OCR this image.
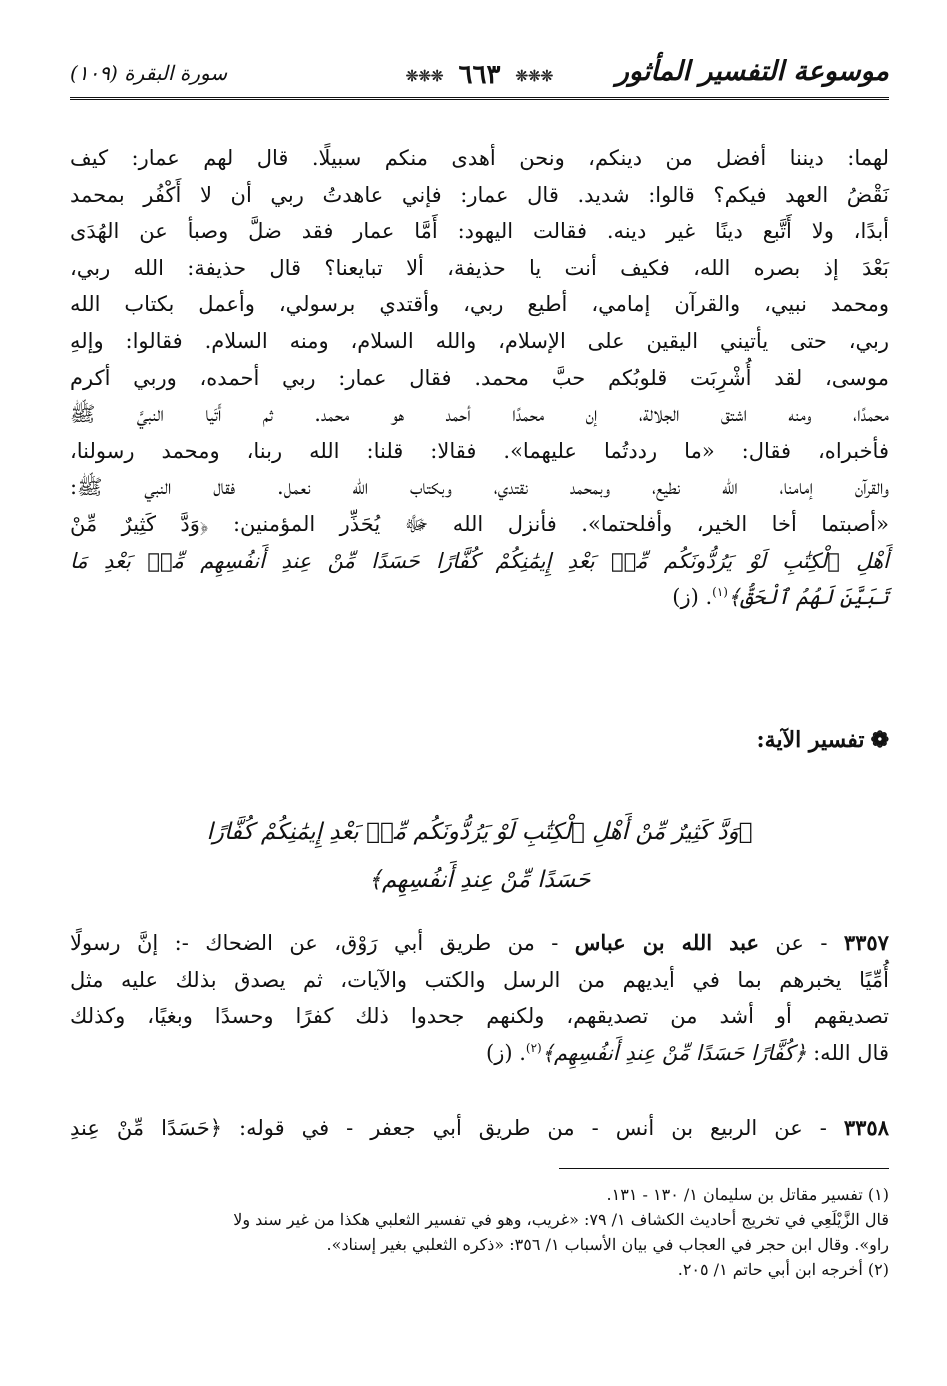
موسوعة التفسير المأثور
❊❊❊ ٦٦٣ ❊❊❊
سورة البقرة (١٠٩)
لهما: ديننا أفضل من دينكم، ونحن أهدى منكم سبيلًا. قال لهم عمار: كيف
نَقْضُ العهد فيكم؟ قالوا: شديد. قال عمار: فإني عاهدتُ ربي أن لا أَكْفُر بمحمد
أبدًا، ولا أَتَّبع دينًا غير دينه. فقالت اليهود: أَمَّا عمار فقد ضلَّ وصبأ عن الهُدَى
بَعْدَ إذ بصره الله، فكيف أنت يا حذيفة، ألا تبايعنا؟ قال حذيفة: الله ربي،
ومحمد نبيي، والقرآن إمامي، أطيع ربي، وأقتدي برسولي، وأعمل بكتاب الله
ربي، حتى يأتيني اليقين على الإسلام، والله السلام، ومنه السلام. فقالوا: وإلهِ
موسى، لقد أُشْرِبَت قلوبُكم حبَّ محمد. فقال عمار: ربي أحمده، وربي أكرم
محمدًا، ومنه اشتق الجلالة، إن محمدًا أحمد هو محمد. ثم أَتَيا النبيَّ ﷺ
فأخبراه، فقال: «ما رددتُما عليهما». فقالا: قلنا: الله ربنا، ومحمد رسولنا،
والقرآن إمامنا، الله نطيع، وبمحمد نقتدي، وبكتاب الله نعمل. فقال النبي ﷺ:
«أصبتما أخا الخير، وأفلحتما». فأنزل الله ﷻ يُحَذِّر المؤمنين: ﴿وَدَّ كَثِيرٌ مِّنْ
أَهْلِ ٱلْكِتَٰبِ لَوْ يَرُدُّونَكُم مِّنۢ بَعْدِ إِيمَٰنِكُمْ كُفَّارًا حَسَدًا مِّنْ عِندِ أَنفُسِهِم مِّنۢ بَعْدِ مَا
تَبَيَّنَ لَهُمُ ٱلْحَقُّ﴾$^{(١)}$. (ز)
❁تفسير الآية:
﴿وَدَّ كَثِيرٌ مِّنْ أَهْلِ ٱلْكِتَٰبِ لَوْ يَرُدُّونَكُم مِّنۢ بَعْدِ إِيمَٰنِكُمْ كُفَّارًا
حَسَدًا مِّنْ عِندِ أَنفُسِهِم﴾
٣٣٥٧ - عن عبد الله بن عباس - من طريق أبي رَوْق، عن الضحاك -: إنَّ رسولًا
أُمِّيًا يخبرهم بما في أيديهم من الرسل والكتب والآيات، ثم يصدق بذلك عليه مثل
تصديقهم أو أشد من تصديقهم، ولكنهم جحدوا ذلك كفرًا وحسدًا وبغيًا، وكذلك
قال الله: ﴿كُفَّارًا حَسَدًا مِّنْ عِندِ أَنفُسِهِم﴾$^{(٢)}$. (ز)
٣٣٥٨ - عن الربيع بن أنس - من طريق أبي جعفر - في قوله: ﴿حَسَدًا مِّنْ عِندِ
(١) تفسير مقاتل بن سليمان ١/ ١٣٠ - ١٣١.
قال الزَّيْلَعِي في تخريج أحاديث الكشاف ١/ ٧٩: «غريب، وهو في تفسير الثعلبي هكذا من غير سند ولا
راو». وقال ابن حجر في العجاب في بيان الأسباب ١/ ٣٥٦: «ذكره الثعلبي بغير إسناد».
(٢) أخرجه ابن أبي حاتم ١/ ٢٠٥.
